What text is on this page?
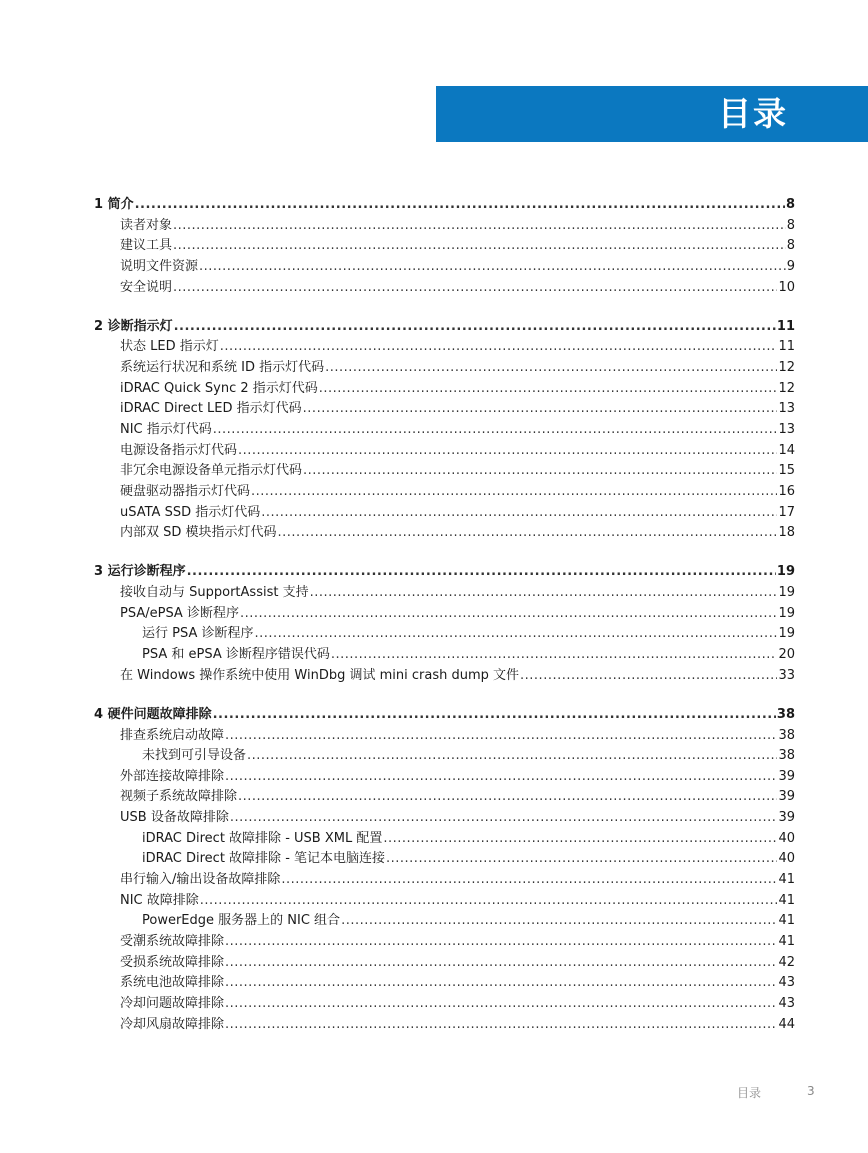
目录
1 简介 .....	8
读者对象 .....	8
建议工具 .....	8
说明文件资源 .....	9
安全说明 .....	10
2 诊断指示灯 .....	11
状态 LED 指示灯 .....	11
系统运行状况和系统 ID 指示灯代码 .....	12
iDRAC Quick Sync 2 指示灯代码 .....	12
iDRAC Direct LED 指示灯代码 .....	13
NIC 指示灯代码 .....	13
电源设备指示灯代码 .....	14
非冗余电源设备单元指示灯代码 .....	15
硬盘驱动器指示灯代码 .....	16
uSATA SSD 指示灯代码 .....	17
内部双 SD 模块指示灯代码 .....	18
3 运行诊断程序 .....	19
接收自动与 SupportAssist 支持 .....	19
PSA/ePSA 诊断程序 .....	19
运行 PSA 诊断程序 .....	19
PSA 和 ePSA 诊断程序错误代码 .....	20
在 Windows 操作系统中使用 WinDbg 调试 mini crash dump 文件 .....	33
4 硬件问题故障排除 .....	38
排查系统启动故障 .....	38
未找到可引导设备 .....	38
外部连接故障排除 .....	39
视频子系统故障排除 .....	39
USB 设备故障排除 .....	39
iDRAC Direct 故障排除 - USB XML 配置 .....	40
iDRAC Direct 故障排除 - 笔记本电脑连接 .....	40
串行输入/输出设备故障排除 .....	41
NIC 故障排除 .....	41
PowerEdge 服务器上的 NIC 组合 .....	41
受潮系统故障排除 .....	41
受损系统故障排除 .....	42
系统电池故障排除 .....	43
冷却问题故障排除 .....	43
冷却风扇故障排除 .....	44
目录	3
